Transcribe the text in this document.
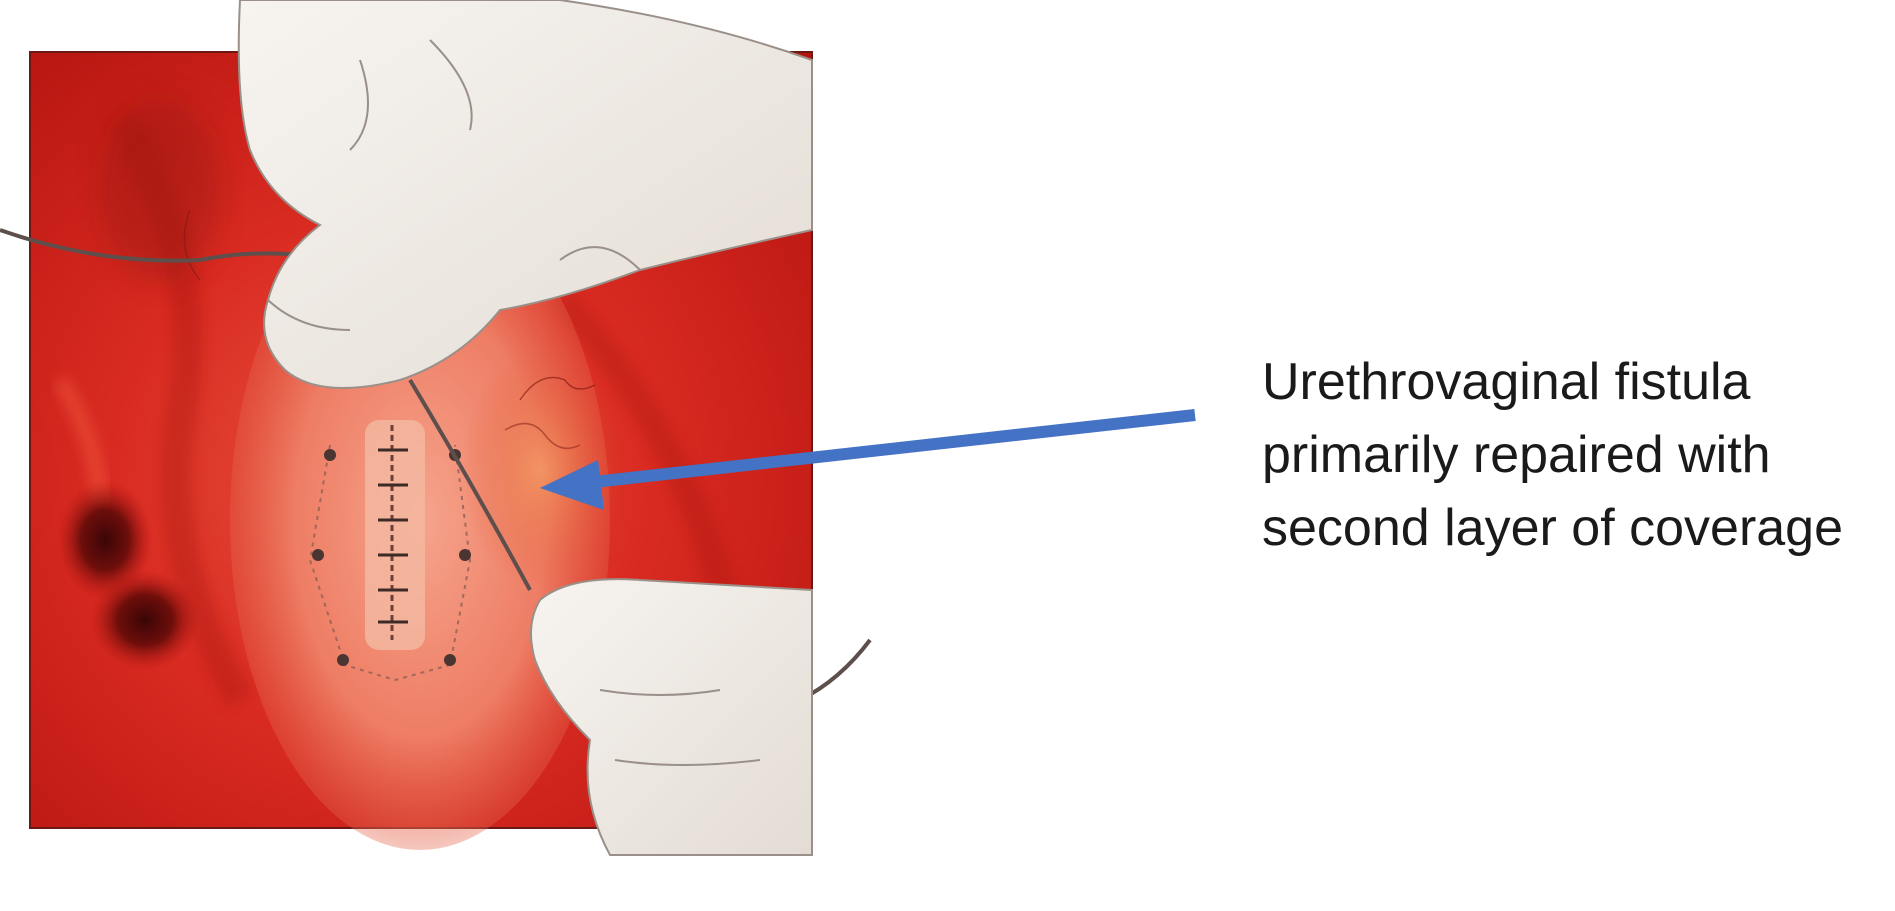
Urethrovaginal fistula
primarily repaired with
second layer of coverage
